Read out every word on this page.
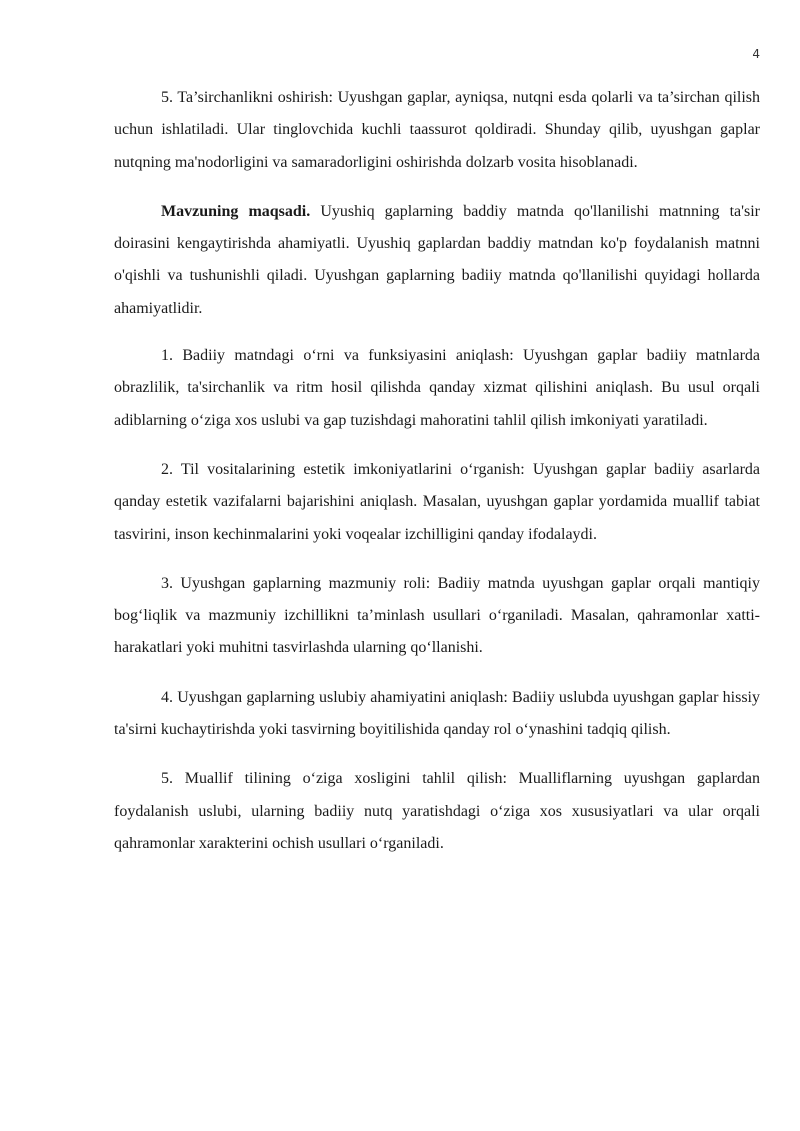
4

5. Ta’sirchanlikni oshirish: Uyushgan gaplar, ayniqsa, nutqni esda qolarli va ta’sirchan qilish uchun ishlatiladi. Ular tinglovchida kuchli taassurot qoldiradi. Shunday qilib, uyushgan gaplar nutqning ma'nodorligini va samaradorligini oshirishda dolzarb vosita hisoblanadi.

Mavzuning maqsadi. Uyushiq gaplarning baddiy matnda qo'llanilishi matnning ta'sir doirasini kengaytirishda ahamiyatli. Uyushiq gaplardan baddiy matndan ko'p foydalanish matnni o'qishli va tushunishli qiladi. Uyushgan gaplarning badiiy matnda qo'llanilishi quyidagi hollarda ahamiyatlidir.

1. Badiiy matndagi o‘rni va funksiyasini aniqlash: Uyushgan gaplar badiiy matnlarda obrazlilik, ta'sirchanlik va ritm hosil qilishda qanday xizmat qilishini aniqlash. Bu usul orqali adiblarning o‘ziga xos uslubi va gap tuzishdagi mahoratini tahlil qilish imkoniyati yaratiladi.

2. Til vositalarining estetik imkoniyatlarini o‘rganish: Uyushgan gaplar badiiy asarlarda qanday estetik vazifalarni bajarishini aniqlash. Masalan, uyushgan gaplar yordamida muallif tabiat tasvirini, inson kechinmalarini yoki voqealar izchilligini qanday ifodalaydi.

3. Uyushgan gaplarning mazmuniy roli: Badiiy matnda uyushgan gaplar orqali mantiqiy bog‘liqlik va mazmuniy izchillikni ta’minlash usullari o‘rganiladi. Masalan, qahramonlar xatti-harakatlari yoki muhitni tasvirlashda ularning qo‘llanishi.

4. Uyushgan gaplarning uslubiy ahamiyatini aniqlash: Badiiy uslubda uyushgan gaplar hissiy ta'sirni kuchaytirishda yoki tasvirning boyitilishida qanday rol o‘ynashini tadqiq qilish.

5. Muallif tilining o‘ziga xosligini tahlil qilish: Mualliflarning uyushgan gaplardan foydalanish uslubi, ularning badiiy nutq yaratishdagi o‘ziga xos xususiyatlari va ular orqali qahramonlar xarakterini ochish usullari o‘rganiladi.
